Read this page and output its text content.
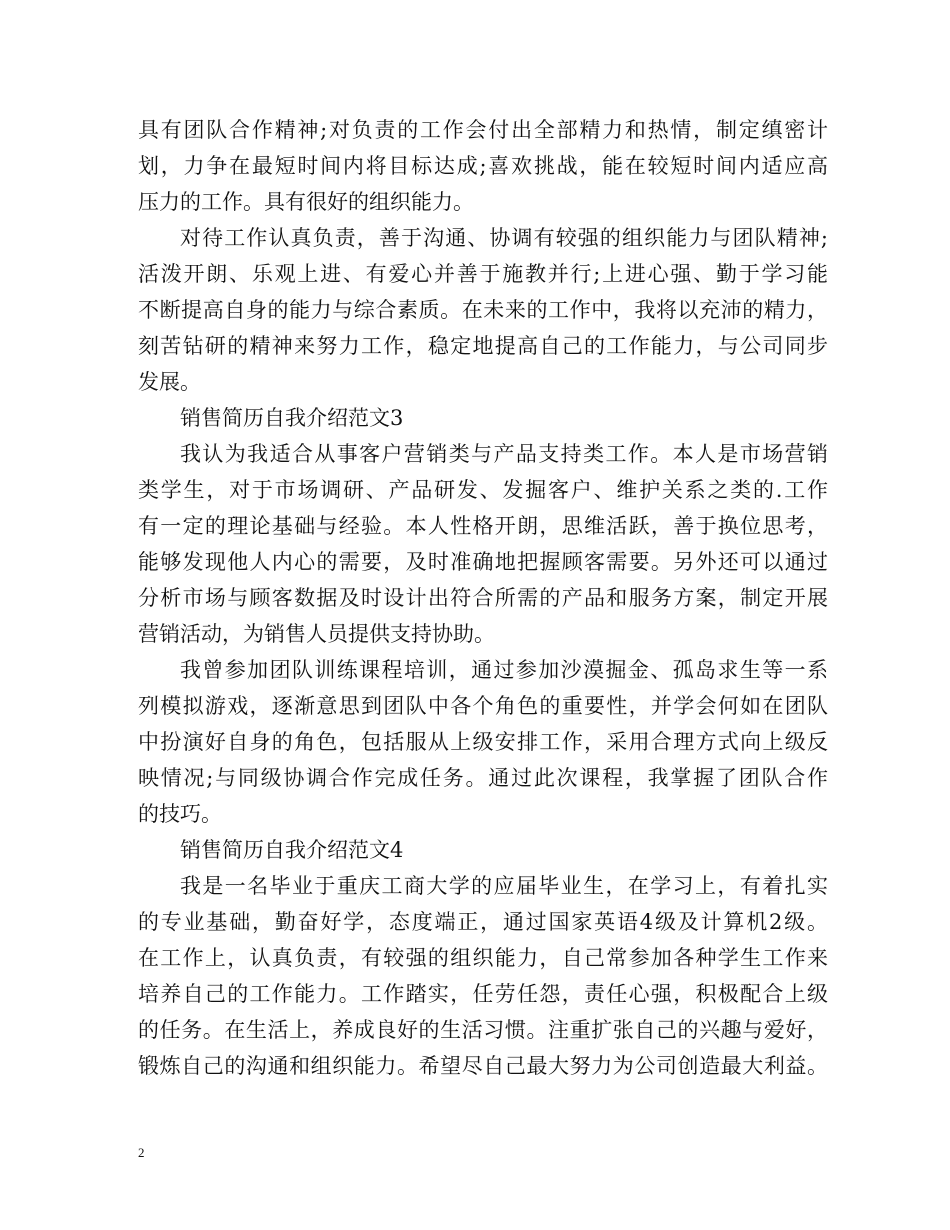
具有团队合作精神;对负责的工作会付出全部精力和热情，制定缜密计
划，力争在最短时间内将目标达成;喜欢挑战，能在较短时间内适应高
压力的工作。具有很好的组织能力。
对待工作认真负责，善于沟通、协调有较强的组织能力与团队精神;
活泼开朗、乐观上进、有爱心并善于施教并行;上进心强、勤于学习能
不断提高自身的能力与综合素质。在未来的工作中，我将以充沛的精力，
刻苦钻研的精神来努力工作，稳定地提高自己的工作能力，与公司同步
发展。
销售简历自我介绍范文3
我认为我适合从事客户营销类与产品支持类工作。本人是市场营销
类学生，对于市场调研、产品研发、发掘客户、维护关系之类的.工作
有一定的理论基础与经验。本人性格开朗，思维活跃，善于换位思考，
能够发现他人内心的需要，及时准确地把握顾客需要。另外还可以通过
分析市场与顾客数据及时设计出符合所需的产品和服务方案，制定开展
营销活动，为销售人员提供支持协助。
我曾参加团队训练课程培训，通过参加沙漠掘金、孤岛求生等一系
列模拟游戏，逐渐意思到团队中各个角色的重要性，并学会何如在团队
中扮演好自身的角色，包括服从上级安排工作，采用合理方式向上级反
映情况;与同级协调合作完成任务。通过此次课程，我掌握了团队合作
的技巧。
销售简历自我介绍范文4
我是一名毕业于重庆工商大学的应届毕业生，在学习上，有着扎实
的专业基础，勤奋好学，态度端正，通过国家英语4级及计算机2级。
在工作上，认真负责，有较强的组织能力，自己常参加各种学生工作来
培养自己的工作能力。工作踏实，任劳任怨，责任心强，积极配合上级
的任务。在生活上，养成良好的生活习惯。注重扩张自己的兴趣与爱好，
锻炼自己的沟通和组织能力。希望尽自己最大努力为公司创造最大利益。
2
